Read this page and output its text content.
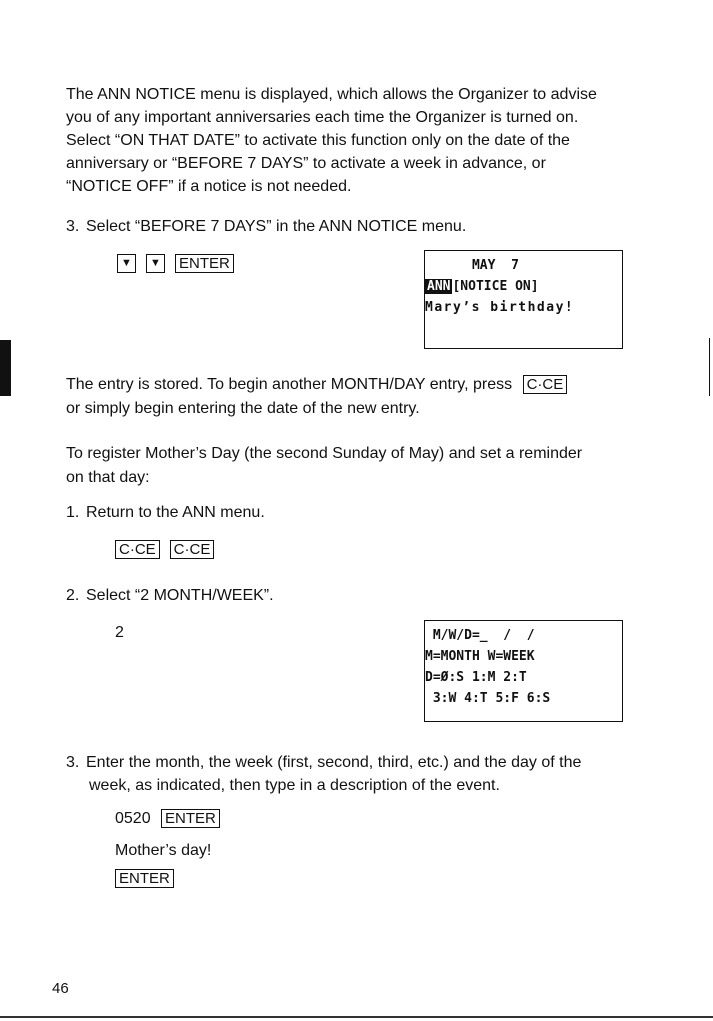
The ANN NOTICE menu is displayed, which allows the Organizer to advise

you of any important anniversaries each time the Organizer is turned on.

Select “ON THAT DATE” to activate this function only on the date of the

anniversary or “BEFORE 7 DAYS” to activate a week in advance, or

“NOTICE OFF” if a notice is not needed.

3. Select “BEFORE 7 DAYS” in the ANN NOTICE menu.

▼	▼ ENTER	MAY  7
ANN [NOTICE ON]
Mary’s birthday!

The entry is stored. To begin another MONTH/DAY entry, press C·CE

or simply begin entering the date of the new entry.

To register Mother’s Day (the second Sunday of May) and set a reminder

on that day:

1. Return to the ANN menu.

C·CE C·CE

2. Select “2 MONTH/WEEK”.

2	M/W/D=_  /  /
M=MONTH W=WEEK
D=Ø:S 1:M 2:T
3:W 4:T 5:F 6:S

3. Enter the month, the week (first, second, third, etc.) and the day of the

week, as indicated, then type in a description of the event.

0520 ENTER

Mother’s day!

ENTER

46
